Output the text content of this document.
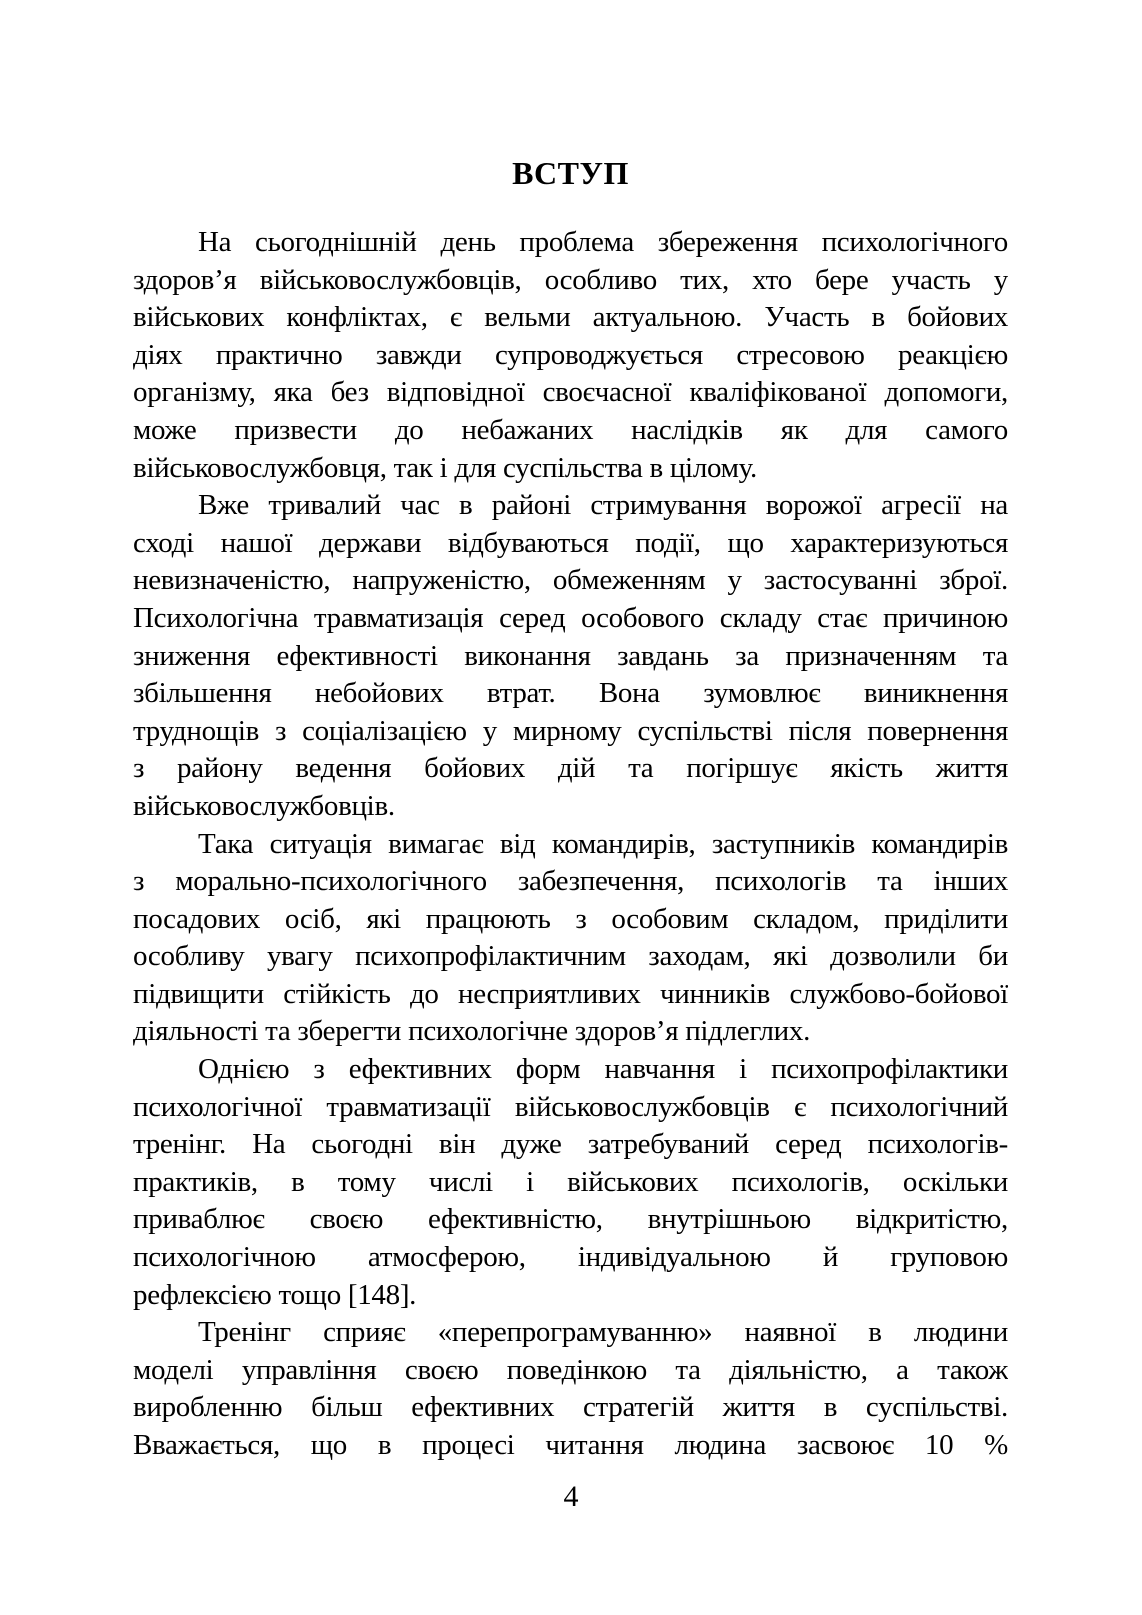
ВСТУП
На сьогоднішній день проблема збереження психологічного
здоров’я військовослужбовців, особливо тих, хто бере участь у
військових конфліктах, є вельми актуальною. Участь в бойових
діях практично завжди супроводжується стресовою реакцією
організму, яка без відповідної своєчасної кваліфікованої допомоги,
може призвести до небажаних наслідків як для самого
військовослужбовця, так і для суспільства в цілому.
Вже тривалий час в районі стримування ворожої агресії на
сході нашої держави відбуваються події, що характеризуються
невизначеністю, напруженістю, обмеженням у застосуванні зброї.
Психологічна травматизація серед особового складу стає причиною
зниження ефективності виконання завдань за призначенням та
збільшення небойових втрат. Вона зумовлює виникнення
труднощів з соціалізацією у мирному суспільстві після повернення
з району ведення бойових дій та погіршує якість життя
військовослужбовців.
Така ситуація вимагає від командирів, заступників командирів
з морально-психологічного забезпечення, психологів та інших
посадових осіб, які працюють з особовим складом, приділити
особливу увагу психопрофілактичним заходам, які дозволили би
підвищити стійкість до несприятливих чинників службово-бойової
діяльності та зберегти психологічне здоров’я підлеглих.
Однією з ефективних форм навчання і психопрофілактики
психологічної травматизації військовослужбовців є психологічний
тренінг. На сьогодні він дуже затребуваний серед психологів-
практиків, в тому числі і військових психологів, оскільки
приваблює своєю ефективністю, внутрішньою відкритістю,
психологічною атмосферою, індивідуальною й груповою
рефлексією тощо [148].
Тренінг сприяє «перепрограмуванню» наявної в людини
моделі управління своєю поведінкою та діяльністю, а також
виробленню більш ефективних стратегій життя в суспільстві.
Вважається, що в процесі читання людина засвоює 10 %
4
